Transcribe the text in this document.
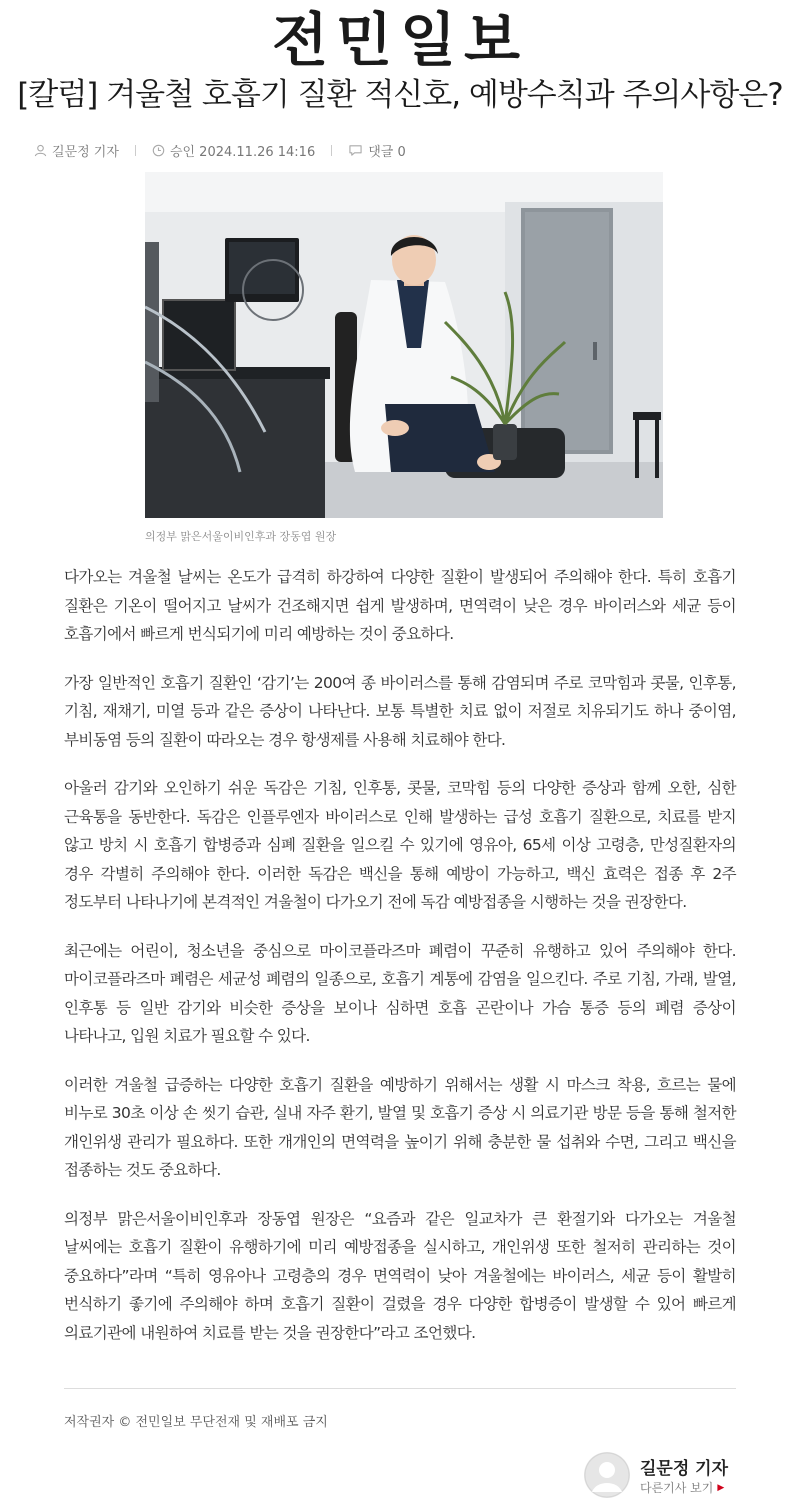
전민일보
[칼럼] 겨울철 호흡기 질환 적신호, 예방수칙과 주의사항은?
길문정 기자	승인 2024.11.26 14:16	댓글 0
의정부 맑은서울이비인후과 장동엽 원장

다가오는 겨울철 날씨는 온도가 급격히 하강하여 다양한 질환이 발생되어 주의해야 한다. 특히 호흡기 질환은 기온이 떨어지고 날씨가 건조해지면 쉽게 발생하며, 면역력이 낮은 경우 바이러스와 세균 등이 호흡기에서 빠르게 번식되기에 미리 예방하는 것이 중요하다.

가장 일반적인 호흡기 질환인 ‘감기’는 200여 종 바이러스를 통해 감염되며 주로 코막힘과 콧물, 인후통, 기침, 재채기, 미열 등과 같은 증상이 나타난다. 보통 특별한 치료 없이 저절로 치유되기도 하나 중이염, 부비동염 등의 질환이 따라오는 경우 항생제를 사용해 치료해야 한다.

아울러 감기와 오인하기 쉬운 독감은 기침, 인후통, 콧물, 코막힘 등의 다양한 증상과 함께 오한, 심한 근육통을 동반한다. 독감은 인플루엔자 바이러스로 인해 발생하는 급성 호흡기 질환으로, 치료를 받지 않고 방치 시 호흡기 합병증과 심폐 질환을 일으킬 수 있기에 영유아, 65세 이상 고령층, 만성질환자의 경우 각별히 주의해야 한다. 이러한 독감은 백신을 통해 예방이 가능하고, 백신 효력은 접종 후 2주 정도부터 나타나기에 본격적인 겨울철이 다가오기 전에 독감 예방접종을 시행하는 것을 권장한다.

최근에는 어린이, 청소년을 중심으로 마이코플라즈마 폐렴이 꾸준히 유행하고 있어 주의해야 한다. 마이코플라즈마 폐렴은 세균성 폐렴의 일종으로, 호흡기 계통에 감염을 일으킨다. 주로 기침, 가래, 발열, 인후통 등 일반 감기와 비슷한 증상을 보이나 심하면 호흡 곤란이나 가슴 통증 등의 폐렴 증상이 나타나고, 입원 치료가 필요할 수 있다.

이러한 겨울철 급증하는 다양한 호흡기 질환을 예방하기 위해서는 생활 시 마스크 착용, 흐르는 물에 비누로 30초 이상 손 씻기 습관, 실내 자주 환기, 발열 및 호흡기 증상 시 의료기관 방문 등을 통해 철저한 개인위생 관리가 필요하다. 또한 개개인의 면역력을 높이기 위해 충분한 물 섭취와 수면, 그리고 백신을 접종하는 것도 중요하다.

의정부 맑은서울이비인후과 장동엽 원장은 “요즘과 같은 일교차가 큰 환절기와 다가오는 겨울철 날씨에는 호흡기 질환이 유행하기에 미리 예방접종을 실시하고, 개인위생 또한 철저히 관리하는 것이 중요하다”라며 “특히 영유아나 고령층의 경우 면역력이 낮아 겨울철에는 바이러스, 세균 등이 활발히 번식하기 좋기에 주의해야 하며 호흡기 질환이 걸렸을 경우 다양한 합병증이 발생할 수 있어 빠르게 의료기관에 내원하여 치료를 받는 것을 권장한다”라고 조언했다.

저작권자 © 전민일보 무단전재 및 재배포 금지
길문정 기자
다른기사 보기 ▶
